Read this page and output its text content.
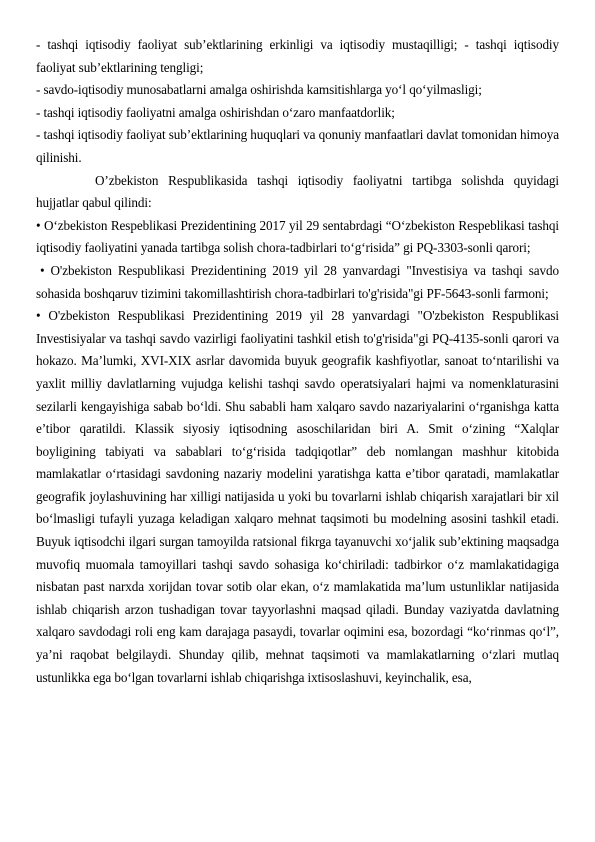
- tashqi iqtisodiy faoliyat sub’ektlarining erkinligi va iqtisodiy mustaqilligi; - tashqi iqtisodiy faoliyat sub’ektlarining tengligi;

- savdo-iqtisodiy munosabatlarni amalga oshirishda kamsitishlarga yo‘l qo‘yilmasligi;

- tashqi iqtisodiy faoliyatni amalga oshirishdan o‘zaro manfaatdorlik;

- tashqi iqtisodiy faoliyat sub’ektlarining huquqlari va qonuniy manfaatlari davlat tomonidan himoya qilinishi.

O’zbekiston Respublikasida tashqi iqtisodiy faoliyatni tartibga solishda quyidagi hujjatlar qabul qilindi:

• O‘zbekiston Respeblikasi Prezidentining 2017 yil 29 sentabrdagi “O‘zbekiston Respeblikasi tashqi iqtisodiy faoliyatini yanada tartibga solish chora-tadbirlari to‘g‘risida” gi PQ-3303-sonli qarori;

• O'zbekiston Respublikasi Prezidentining 2019 yil 28 yanvardagi "Investisiya va tashqi savdo sohasida boshqaruv tizimini takomillashtirish chora-tadbirlari to'g'risida"gi PF-5643-sonli farmoni;

• O'zbekiston Respublikasi Prezidentining 2019 yil 28 yanvardagi "O'zbekiston Respublikasi Investisiyalar va tashqi savdo vazirligi faoliyatini tashkil etish to'g'risida"gi PQ-4135-sonli qarori va hokazo. Ma’lumki, XVI-XIX asrlar davomida buyuk geografik kashfiyotlar, sanoat to‘ntarilishi va yaxlit milliy davlatlarning vujudga kelishi tashqi savdo operatsiyalari hajmi va nomenklaturasini sezilarli kengayishiga sabab bo‘ldi. Shu sababli ham xalqaro savdo nazariyalarini o‘rganishga katta e’tibor qaratildi. Klassik siyosiy iqtisodning asoschilaridan biri A. Smit o‘zining “Xalqlar boyligining tabiyati va sabablari to‘g‘risida tadqiqotlar” deb nomlangan mashhur kitobida mamlakatlar o‘rtasidagi savdoning nazariy modelini yaratishga katta e’tibor qaratadi, mamlakatlar geografik joylashuvining har xilligi natijasida u yoki bu tovarlarni ishlab chiqarish xarajatlari bir xil bo‘lmasligi tufayli yuzaga keladigan xalqaro mehnat taqsimoti bu modelning asosini tashkil etadi. Buyuk iqtisodchi ilgari surgan tamoyilda ratsional fikrga tayanuvchi xo‘jalik sub’ektining maqsadga muvofiq muomala tamoyillari tashqi savdo sohasiga ko‘chiriladi: tadbirkor o‘z mamlakatidagiga nisbatan past narxda xorijdan tovar sotib olar ekan, o‘z mamlakatida ma’lum ustunliklar natijasida ishlab chiqarish arzon tushadigan tovar tayyorlashni maqsad qiladi. Bunday vaziyatda davlatning xalqaro savdodagi roli eng kam darajaga pasaydi, tovarlar oqimini esa, bozordagi “ko‘rinmas qo‘l”, ya’ni raqobat belgilaydi. Shunday qilib, mehnat taqsimoti va mamlakatlarning o‘zlari mutlaq ustunlikka ega bo‘lgan tovarlarni ishlab chiqarishga ixtisoslashuvi, keyinchalik, esa,
